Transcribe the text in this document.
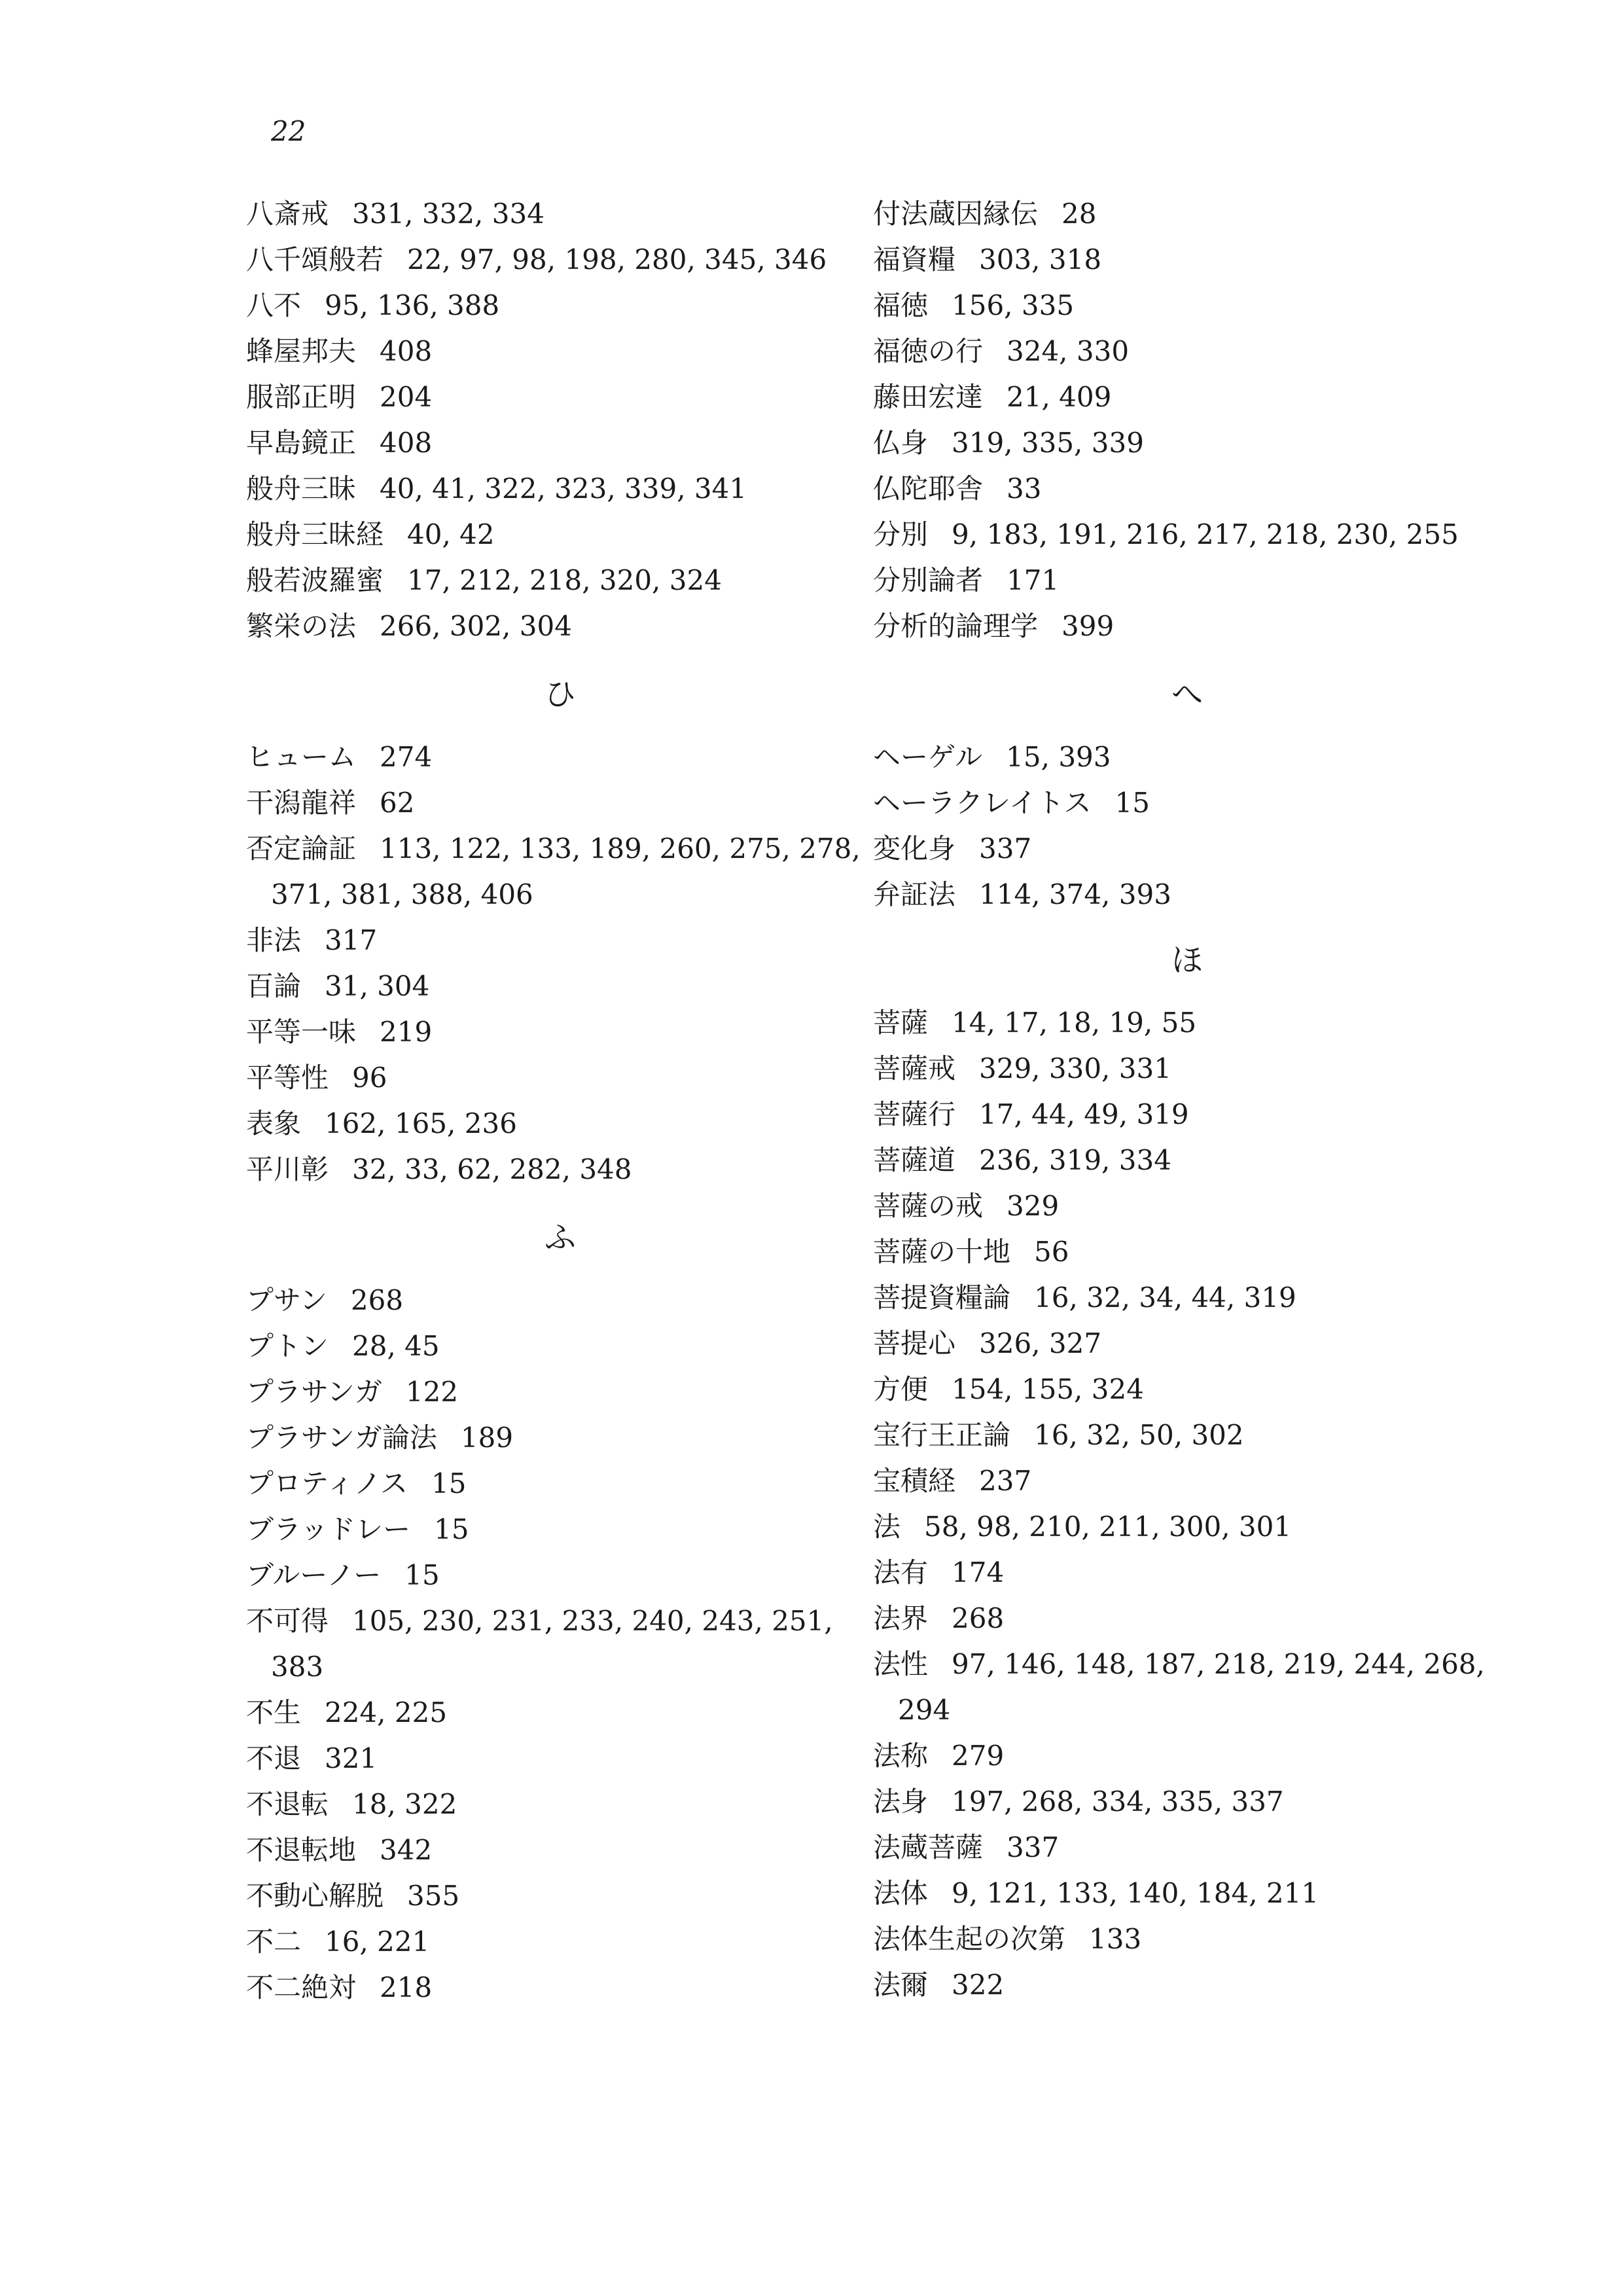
22
八斎戒 331, 332, 334
八千頌般若 22, 97, 98, 198, 280, 345, 346
八不 95, 136, 388
蜂屋邦夫 408
服部正明 204
早島鏡正 408
般舟三昧 40, 41, 322, 323, 339, 341
般舟三昧経 40, 42
般若波羅蜜 17, 212, 218, 320, 324
繁栄の法 266, 302, 304
ひ
ヒューム 274
干潟龍祥 62
否定論証 113, 122, 133, 189, 260, 275, 278, 371, 381, 388, 406
非法 317
百論 31, 304
平等一味 219
平等性 96
表象 162, 165, 236
平川彰 32, 33, 62, 282, 348
ふ
プサン 268
プトン 28, 45
プラサンガ 122
プラサンガ論法 189
プロティノス 15
ブラッドレー 15
ブルーノー 15
不可得 105, 230, 231, 233, 240, 243, 251, 383
不生 224, 225
不退 321
不退転 18, 322
不退転地 342
不動心解脱 355
不二 16, 221
不二絶対 218
付法蔵因縁伝 28
福資糧 303, 318
福徳 156, 335
福徳の行 324, 330
藤田宏達 21, 409
仏身 319, 335, 339
仏陀耶舎 33
分別 9, 183, 191, 216, 217, 218, 230, 255
分別論者 171
分析的論理学 399
へ
ヘーゲル 15, 393
ヘーラクレイトス 15
変化身 337
弁証法 114, 374, 393
ほ
菩薩 14, 17, 18, 19, 55
菩薩戒 329, 330, 331
菩薩行 17, 44, 49, 319
菩薩道 236, 319, 334
菩薩の戒 329
菩薩の十地 56
菩提資糧論 16, 32, 34, 44, 319
菩提心 326, 327
方便 154, 155, 324
宝行王正論 16, 32, 50, 302
宝積経 237
法 58, 98, 210, 211, 300, 301
法有 174
法界 268
法性 97, 146, 148, 187, 218, 219, 244, 268, 294
法称 279
法身 197, 268, 334, 335, 337
法蔵菩薩 337
法体 9, 121, 133, 140, 184, 211
法体生起の次第 133
法爾 322
